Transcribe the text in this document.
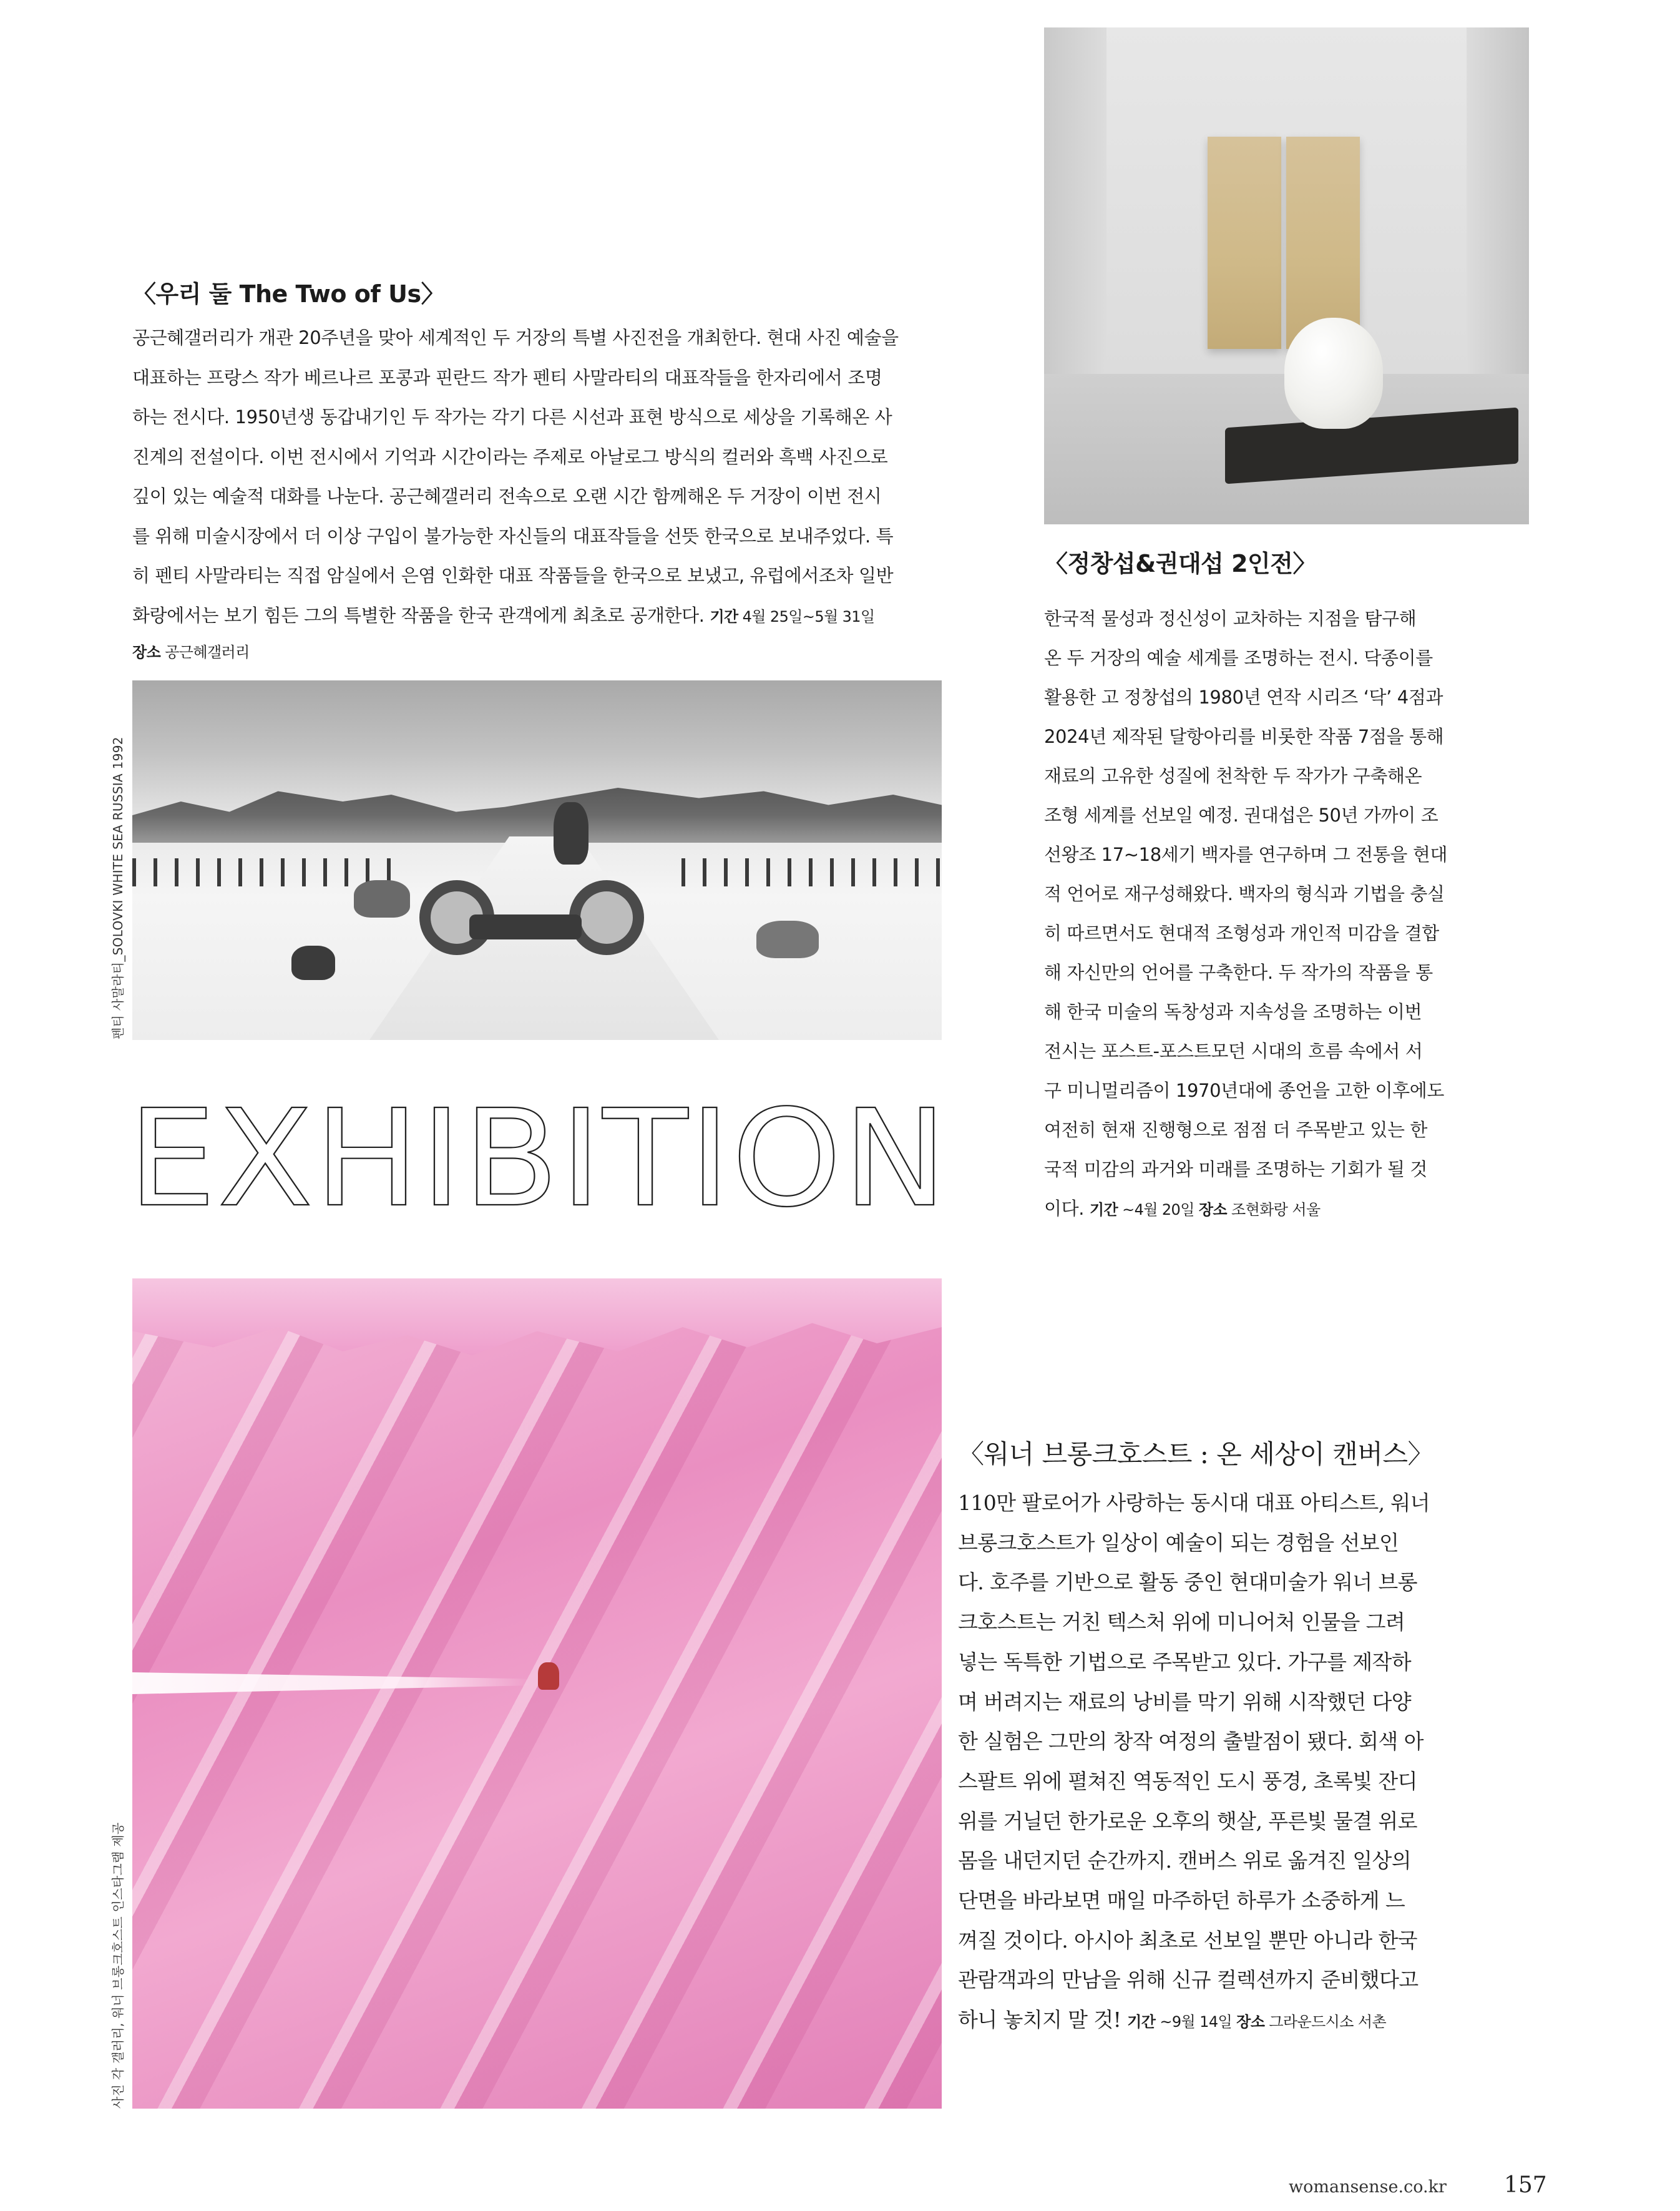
〈우리 둘 The Two of Us〉
공근혜갤러리가 개관 20주년을 맞아 세계적인 두 거장의 특별 사진전을 개최한다. 현대 사진 예술을
대표하는 프랑스 작가 베르나르 포콩과 핀란드 작가 펜티 사말라티의 대표작들을 한자리에서 조명
하는 전시다. 1950년생 동갑내기인 두 작가는 각기 다른 시선과 표현 방식으로 세상을 기록해온 사
진계의 전설이다. 이번 전시에서 기억과 시간이라는 주제로 아날로그 방식의 컬러와 흑백 사진으로
깊이 있는 예술적 대화를 나눈다. 공근혜갤러리 전속으로 오랜 시간 함께해온 두 거장이 이번 전시
를 위해 미술시장에서 더 이상 구입이 불가능한 자신들의 대표작들을 선뜻 한국으로 보내주었다. 특
히 펜티 사말라티는 직접 암실에서 은염 인화한 대표 작품들을 한국으로 보냈고, 유럽에서조차 일반
화랑에서는 보기 힘든 그의 특별한 작품을 한국 관객에게 최초로 공개한다. 기간 4월 25일~5월 31일
장소 공근혜갤러리
〈정창섭&권대섭 2인전〉
한국적 물성과 정신성이 교차하는 지점을 탐구해
온 두 거장의 예술 세계를 조명하는 전시. 닥종이를
활용한 고 정창섭의 1980년 연작 시리즈 ‘닥’ 4점과
2024년 제작된 달항아리를 비롯한 작품 7점을 통해
재료의 고유한 성질에 천착한 두 작가가 구축해온
조형 세계를 선보일 예정. 권대섭은 50년 가까이 조
선왕조 17~18세기 백자를 연구하며 그 전통을 현대
적 언어로 재구성해왔다. 백자의 형식과 기법을 충실
히 따르면서도 현대적 조형성과 개인적 미감을 결합
해 자신만의 언어를 구축한다. 두 작가의 작품을 통
해 한국 미술의 독창성과 지속성을 조명하는 이번
전시는 포스트-포스트모던 시대의 흐름 속에서 서
구 미니멀리즘이 1970년대에 종언을 고한 이후에도
여전히 현재 진행형으로 점점 더 주목받고 있는 한
국적 미감의 과거와 미래를 조명하는 기회가 될 것
이다. 기간 ~4월 20일 장소 조현화랑 서울
EXHIBITION
〈워너 브롱크호스트 : 온 세상이 캔버스〉
110만 팔로어가 사랑하는 동시대 대표 아티스트, 워너
브롱크호스트가 일상이 예술이 되는 경험을 선보인
다. 호주를 기반으로 활동 중인 현대미술가 워너 브롱
크호스트는 거친 텍스처 위에 미니어처 인물을 그려
넣는 독특한 기법으로 주목받고 있다. 가구를 제작하
며 버려지는 재료의 낭비를 막기 위해 시작했던 다양
한 실험은 그만의 창작 여정의 출발점이 됐다. 회색 아
스팔트 위에 펼쳐진 역동적인 도시 풍경, 초록빛 잔디
위를 거닐던 한가로운 오후의 햇살, 푸른빛 물결 위로
몸을 내던지던 순간까지. 캔버스 위로 옮겨진 일상의
단면을 바라보면 매일 마주하던 하루가 소중하게 느
껴질 것이다. 아시아 최초로 선보일 뿐만 아니라 한국
관람객과의 만남을 위해 신규 컬렉션까지 준비했다고
하니 놓치지 말 것! 기간 ~9월 14일 장소 그라운드시소 서촌
펜티 사말라티_SOLOVKI WHITE SEA RUSSIA 1992
사진 각 갤러리, 워너 브롱크호스트 인스타그램 제공
womansense.co.kr	157
